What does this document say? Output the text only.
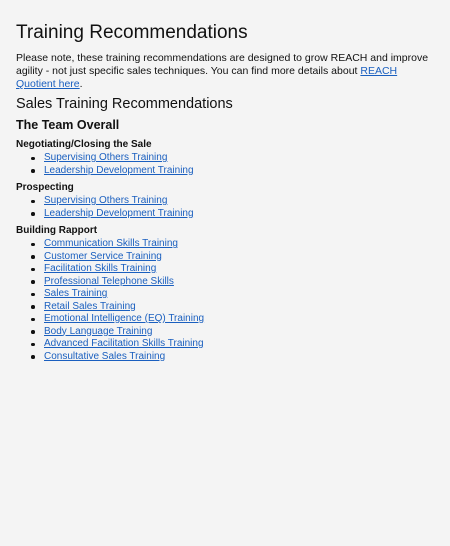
Training Recommendations

Please note, these training recommendations are designed to grow REACH and improve agility - not just specific sales techniques. You can find more details about REACH Quotient here.

Sales Training Recommendations
The Team Overall
Negotiating/Closing the Sale
Supervising Others Training
Leadership Development Training
Prospecting
Supervising Others Training
Leadership Development Training
Building Rapport
Communication Skills Training
Customer Service Training
Facilitation Skills Training
Professional Telephone Skills
Sales Training
Retail Sales Training
Emotional Intelligence (EQ) Training
Body Language Training
Advanced Facilitation Skills Training
Consultative Sales Training
